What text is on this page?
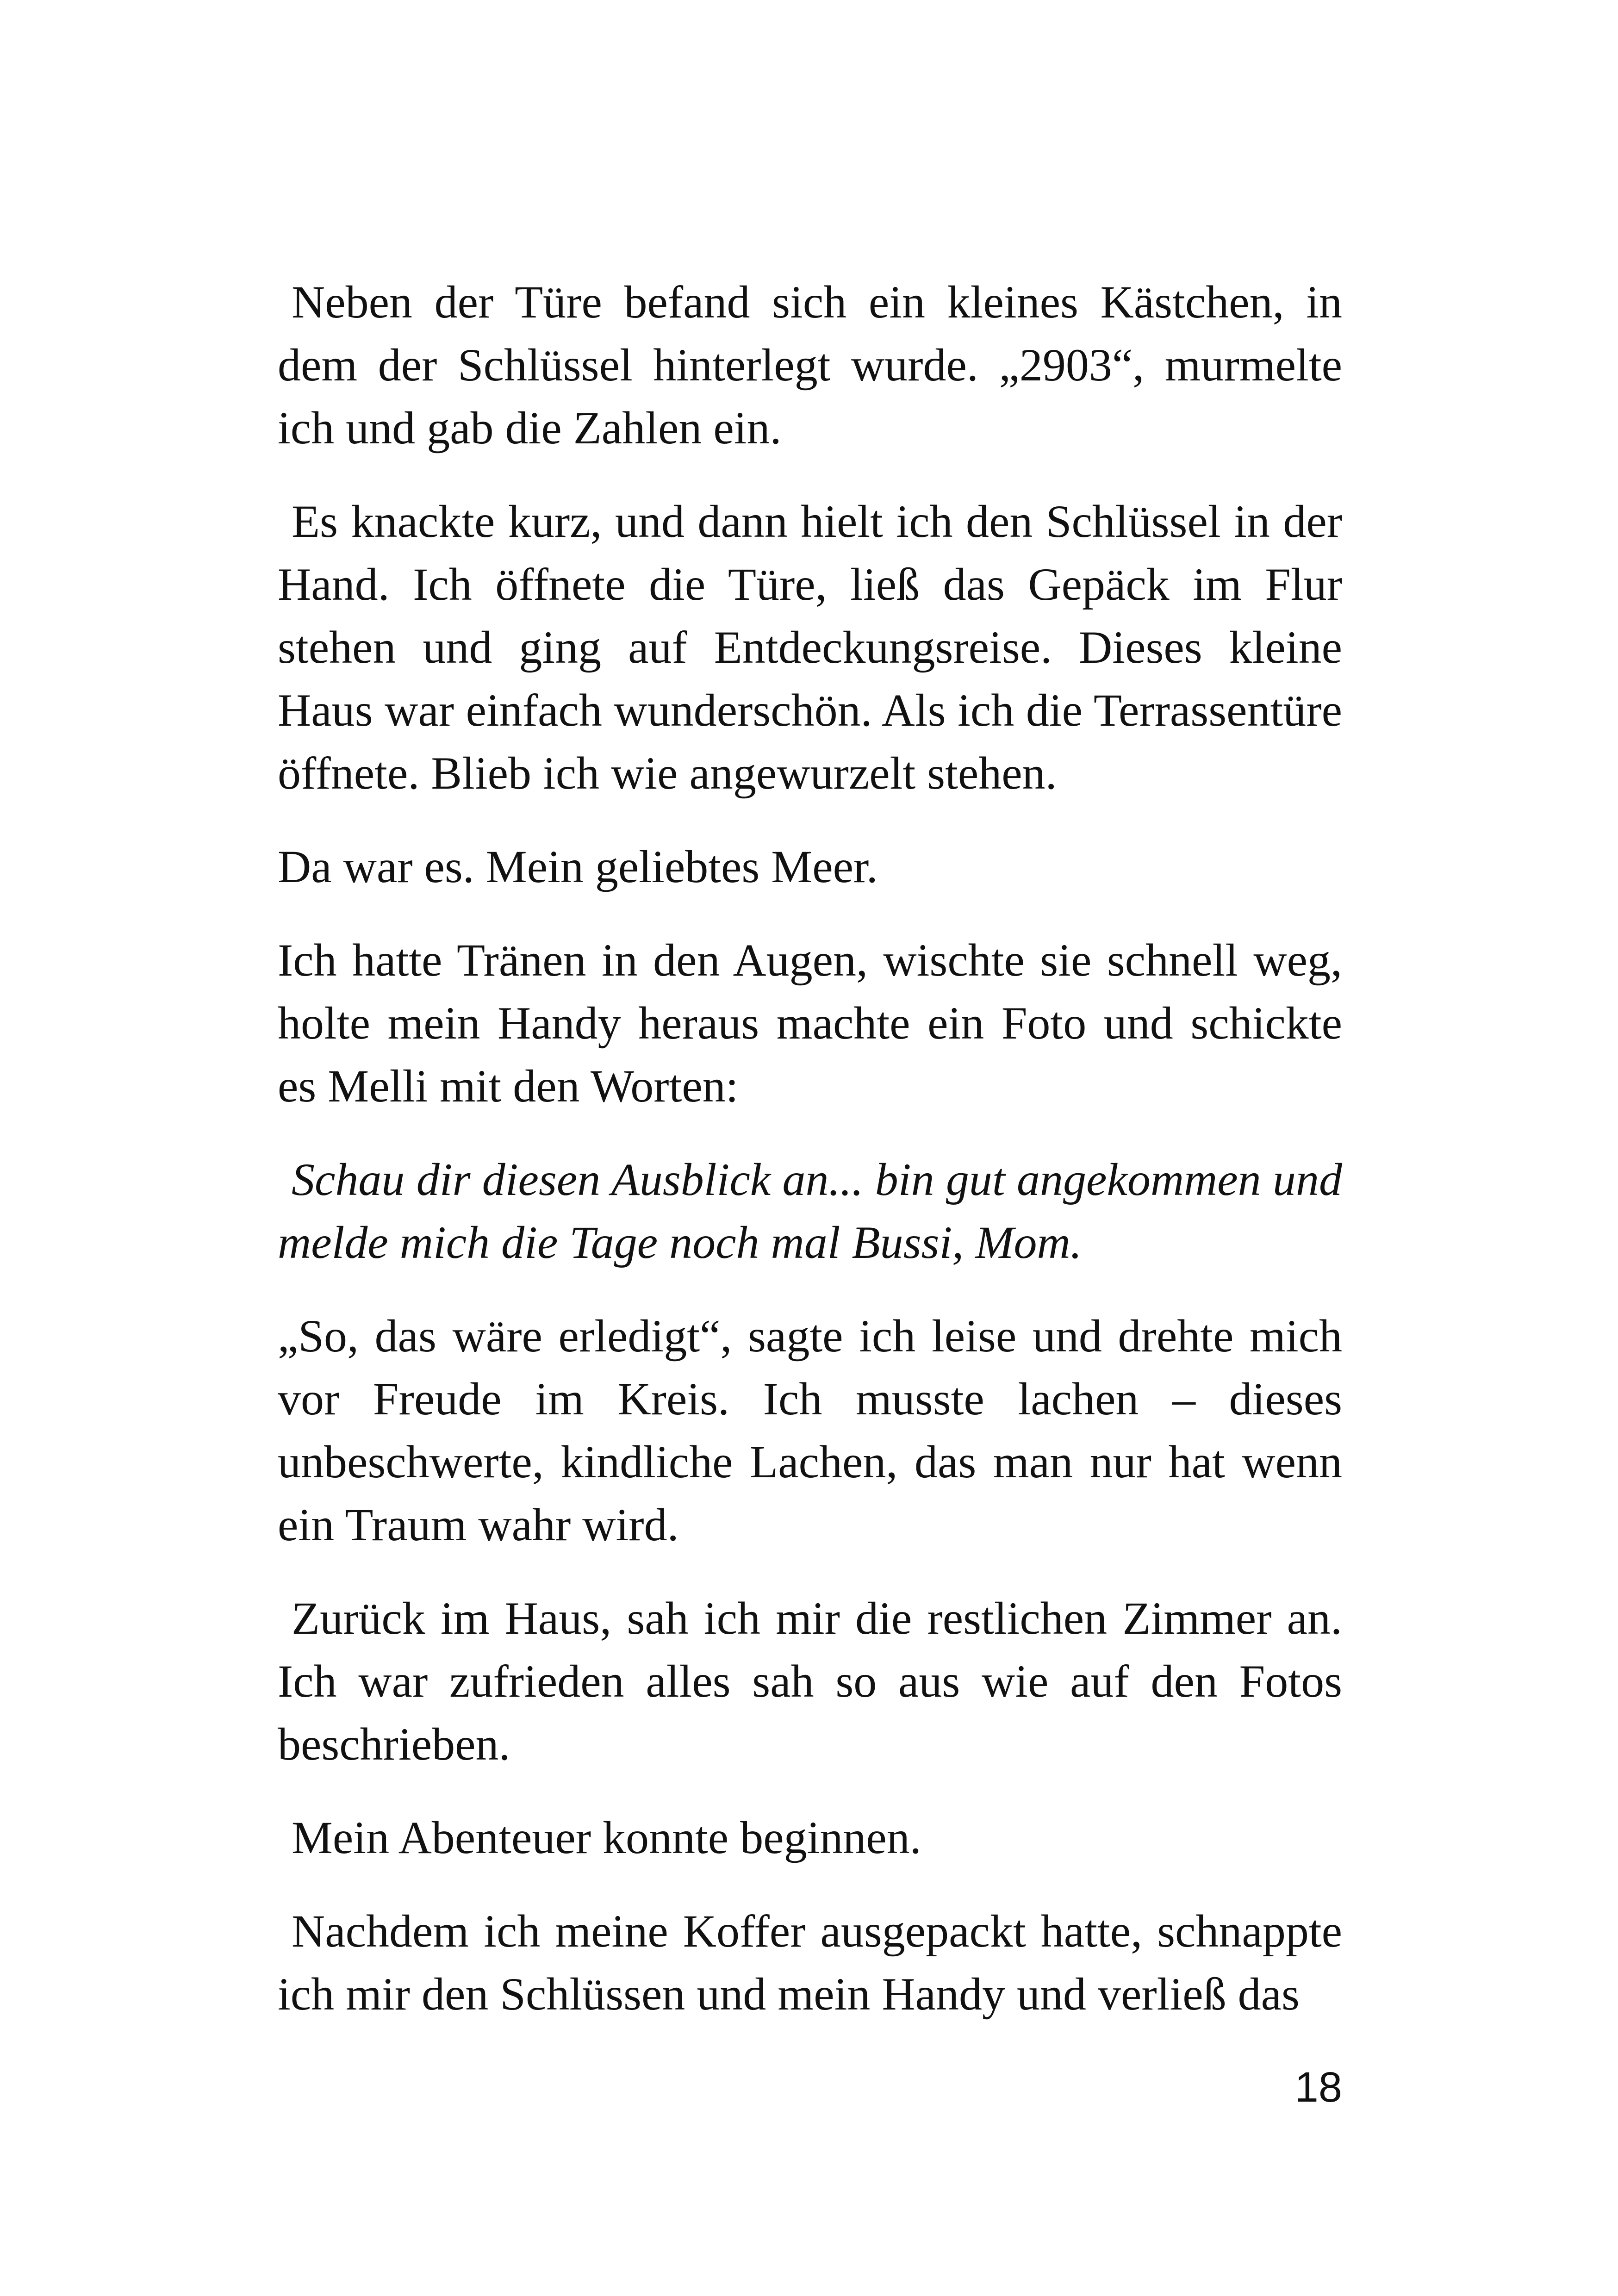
Neben der Türe befand sich ein kleines Kästchen, in dem der Schlüssel hinterlegt wurde. „2903“, murmelte ich und gab die Zahlen ein.

Es knackte kurz, und dann hielt ich den Schlüssel in der Hand. Ich öffnete die Türe, ließ das Gepäck im Flur stehen und ging auf Entdeckungsreise. Dieses kleine Haus war einfach wunderschön. Als ich die Terrassentüre öffnete. Blieb ich wie angewurzelt stehen.

Da war es. Mein geliebtes Meer.

Ich hatte Tränen in den Augen, wischte sie schnell weg, holte mein Handy heraus machte ein Foto und schickte es Melli mit den Worten:

Schau dir diesen Ausblick an... bin gut angekommen und melde mich die Tage noch mal Bussi, Mom.

„So, das wäre erledigt“, sagte ich leise und drehte mich vor Freude im Kreis. Ich musste lachen – dieses unbeschwerte, kindliche Lachen, das man nur hat wenn ein Traum wahr wird.

Zurück im Haus, sah ich mir die restlichen Zimmer an. Ich war zufrieden alles sah so aus wie auf den Fotos beschrieben.

Mein Abenteuer konnte beginnen.

Nachdem ich meine Koffer ausgepackt hatte, schnappte ich mir den Schlüssen und mein Handy und verließ das

18
